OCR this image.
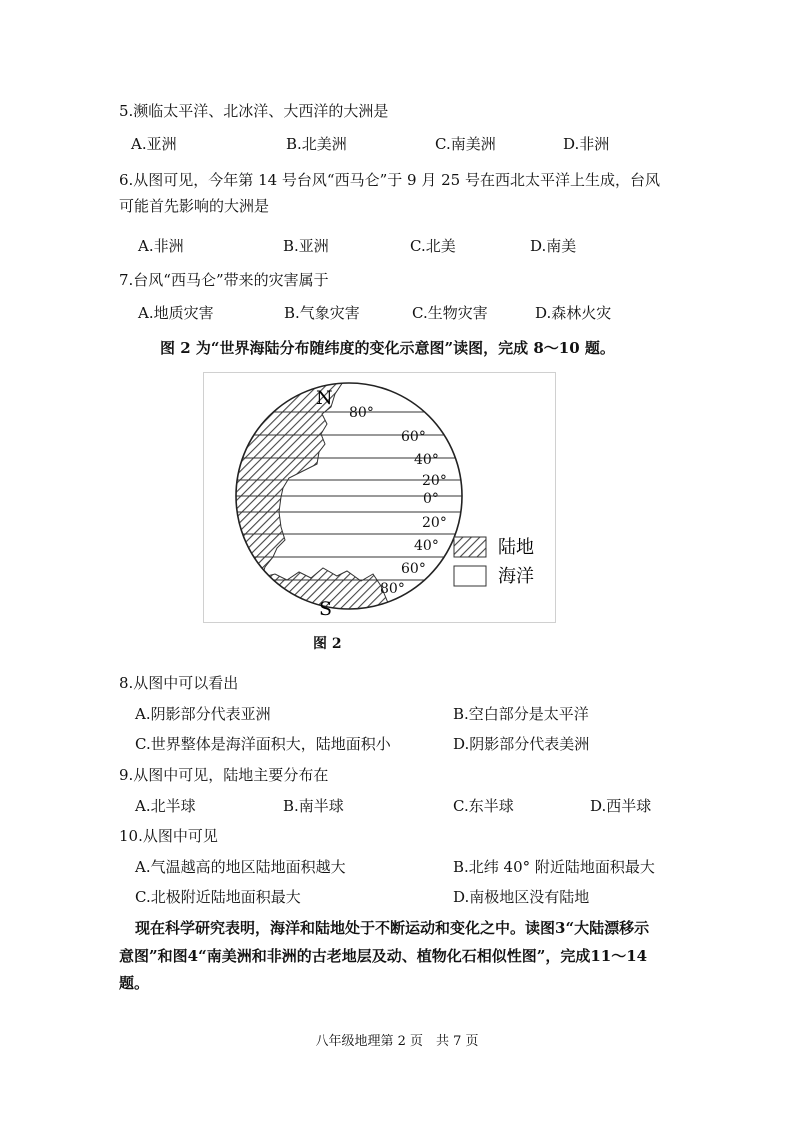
5.濒临太平洋、北冰洋、大西洋的大洲是
A.亚洲	B.北美洲	C.南美洲	D.非洲
6.从图可见，今年第 14 号台风“西马仑”于 9 月 25 号在西北太平洋上生成，台风
可能首先影响的大洲是
A.非洲	B.亚洲	C.北美	D.南美
7.台风“西马仑”带来的灾害属于
A.地质灾害	B.气象灾害	C.生物灾害	D.森林火灾
图 2 为“世界海陆分布随纬度的变化示意图”读图，完成 8～10 题。
N
S
80°
60°
40°
20°
0°
20°
40°
60°
80°
陆地
海洋
图 2
8.从图中可以看出
A.阴影部分代表亚洲	B.空白部分是太平洋
C.世界整体是海洋面积大，陆地面积小	D.阴影部分代表美洲
9.从图中可见，陆地主要分布在
A.北半球	B.南半球	C.东半球	D.西半球
10.从图中可见
A.气温越高的地区陆地面积越大	B.北纬 40° 附近陆地面积最大
C.北极附近陆地面积最大	D.南极地区没有陆地
现在科学研究表明，海洋和陆地处于不断运动和变化之中。读图3“大陆漂移示
意图”和图4“南美洲和非洲的古老地层及动、植物化石相似性图”，完成11～14
题。
八年级地理第 2 页　共 7 页
